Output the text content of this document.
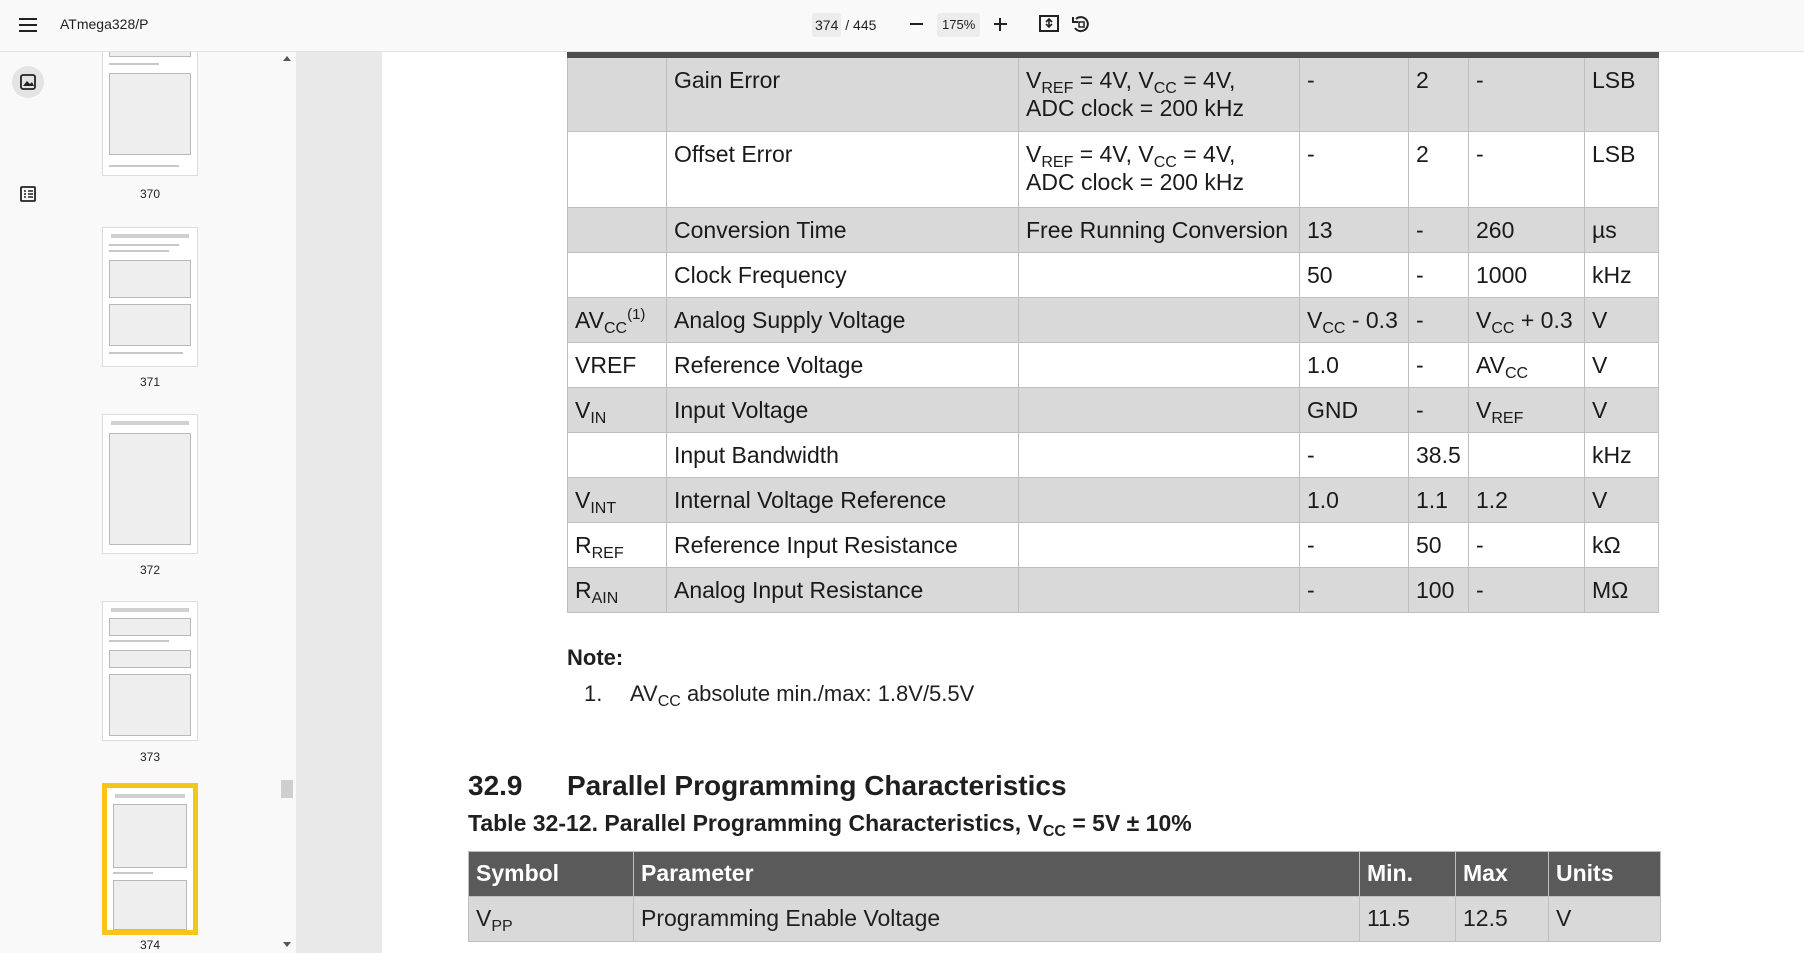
ATmega328/P	374 / 445	175%
370
371
372
373
374
	Gain Error	$V_{REF} = 4V$, $V_{CC} = 4V$,
ADC clock = 200 kHz	-	2	-	LSB
	Offset Error	$V_{REF} = 4V$, $V_{CC} = 4V$,
ADC clock = 200 kHz	-	2	-	LSB
	Conversion Time	Free Running Conversion	13	-	260	µs
	Clock Frequency		50	-	1000	kHz
$AV_{CC}^{(1)}$	Analog Supply Voltage		$V_{CC} - 0.3$	-	$V_{CC} + 0.3$	V
VREF	Reference Voltage		1.0	-	$AV_{CC}$	V
$V_{IN}$	Input Voltage		GND	-	$V_{REF}$	V
	Input Bandwidth		-	38.5		kHz
$V_{INT}$	Internal Voltage Reference		1.0	1.1	1.2	V
$R_{REF}$	Reference Input Resistance		-	50	-	kΩ
$R_{AIN}$	Analog Input Resistance		-	100	-	MΩ
Note:
1. $AV_{CC}$ absolute min./max: 1.8V/5.5V
32.9 Parallel Programming Characteristics
Table 32-12. Parallel Programming Characteristics, $V_{CC} = 5V \pm 10\%$
Symbol	Parameter	Min.	Max	Units
$V_{PP}$	Programming Enable Voltage	11.5	12.5	V
